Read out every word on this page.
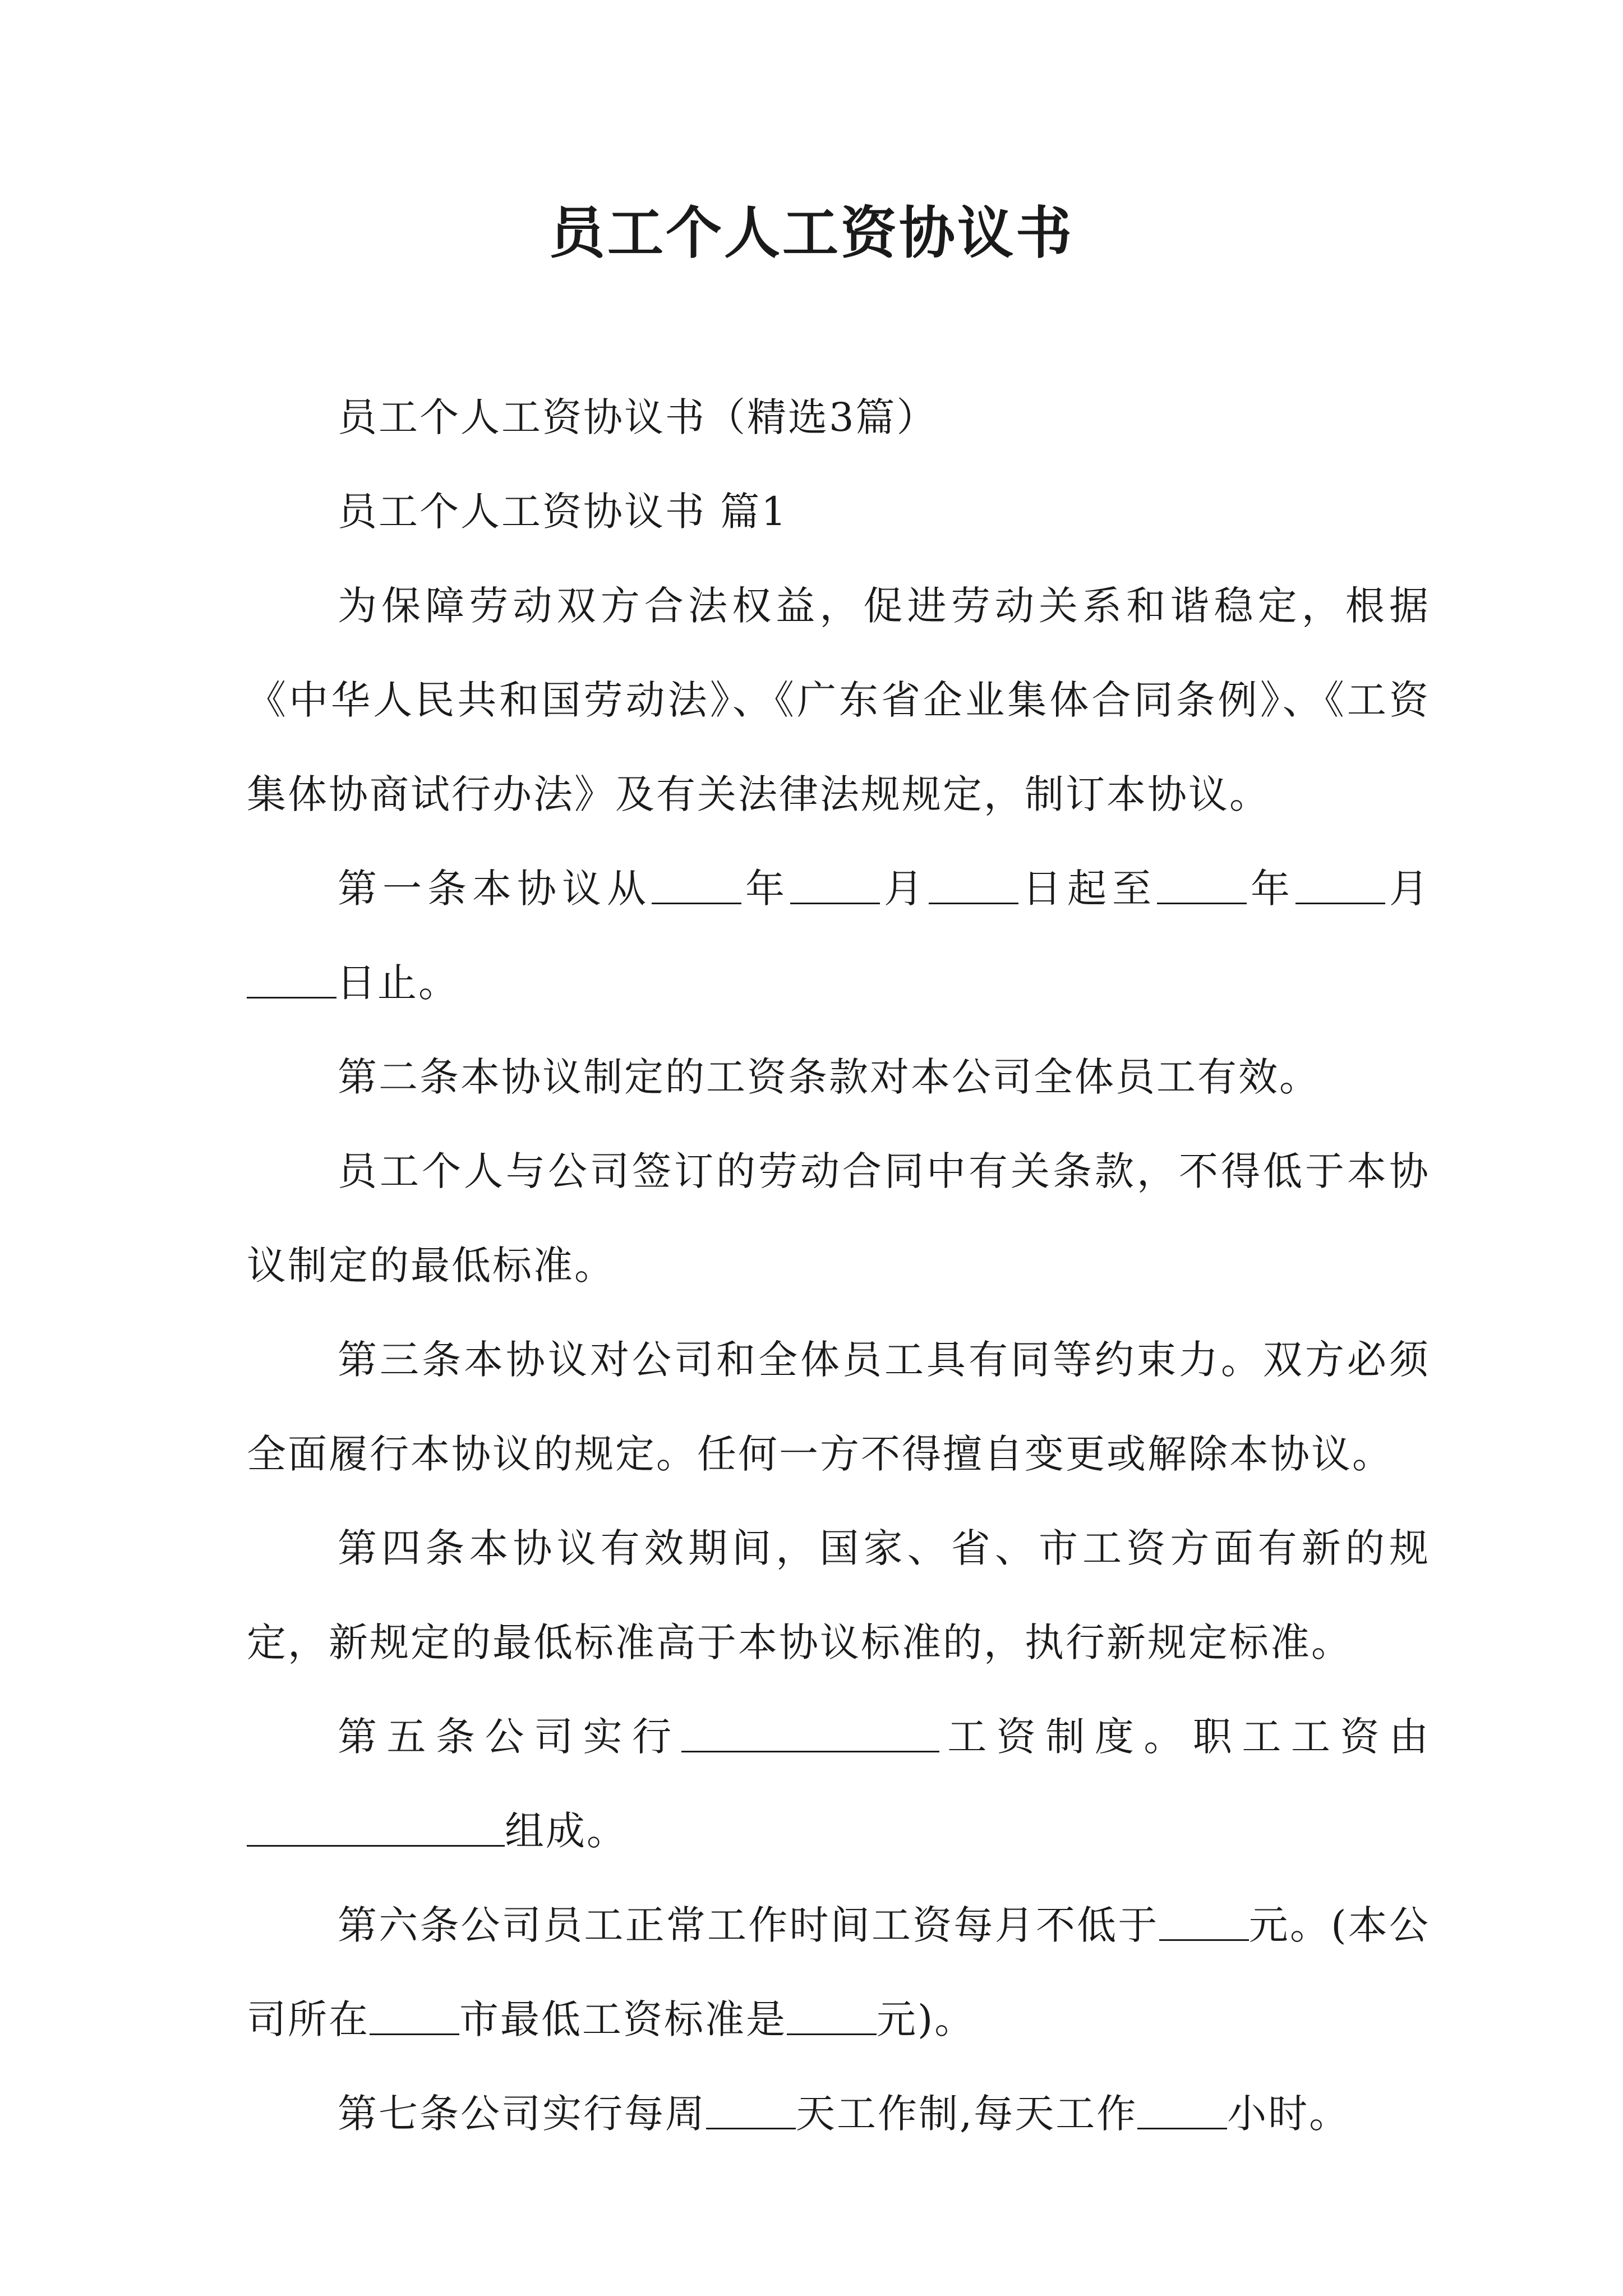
员工个人工资协议书

员工个人工资协议书（精选3篇）

员工个人工资协议书 篇1

为保障劳动双方合法权益，促进劳动关系和谐稳定，根据《中华人民共和国劳动法》、《广东省企业集体合同条例》、《工资集体协商试行办法》及有关法律法规规定，制订本协议。

第一条本协议从 年 月 日起至 年 月日止。

第二条本协议制定的工资条款对本公司全体员工有效。

员工个人与公司签订的劳动合同中有关条款，不得低于本协议制定的最低标准。

第三条本协议对公司和全体员工具有同等约束力。双方必须全面履行本协议的规定。任何一方不得擅自变更或解除本协议。

第四条本协议有效期间，国家、省、市工资方面有新的规定，新规定的最低标准高于本协议标准的，执行新规定标准。

第五条公司实行	工资制度。职工工资由组成。

第六条公司员工正常工作时间工资每月不低于 元。(本公司所在 市最低工资标准是 元)。

第七条公司实行每周 天工作制,每天工作 小时。
